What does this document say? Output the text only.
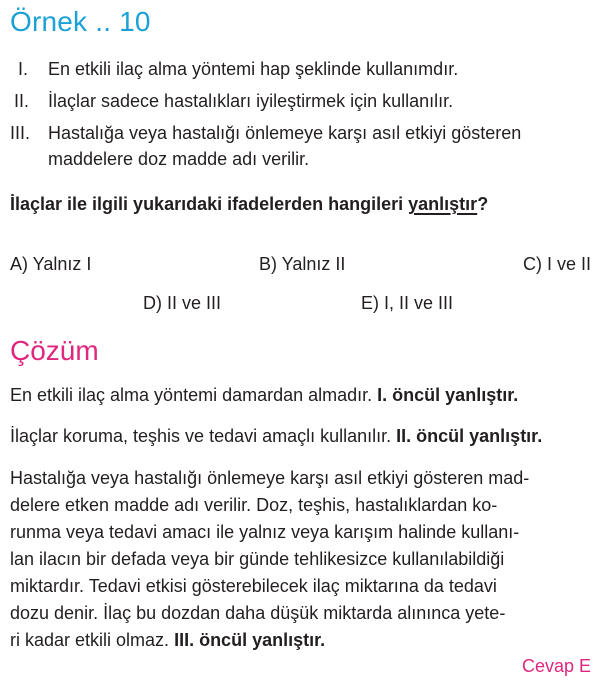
Örnek .. 10
I. En etkili ilaç alma yöntemi hap şeklinde kullanımdır.
II. İlaçlar sadece hastalıkları iyileştirmek için kullanılır.
III. Hastalığa veya hastalığı önlemeye karşı asıl etkiyi gösteren
maddelere doz madde adı verilir.
İlaçlar ile ilgili yukarıdaki ifadelerden hangileri yanlıştır?
A) Yalnız I	B) Yalnız II	C) I ve II
D) II ve III	E) I, II ve III
Çözüm
En etkili ilaç alma yöntemi damardan almadır. I. öncül yanlıştır.
İlaçlar koruma, teşhis ve tedavi amaçlı kullanılır. II. öncül yanlıştır.
Hastalığa veya hastalığı önlemeye karşı asıl etkiyi gösteren mad-
delere etken madde adı verilir. Doz, teşhis, hastalıklardan ko-
runma veya tedavi amacı ile yalnız veya karışım halinde kullanı-
lan ilacın bir defada veya bir günde tehlikesizce kullanılabildiği
miktardır. Tedavi etkisi gösterebilecek ilaç miktarına da tedavi
dozu denir. İlaç bu dozdan daha düşük miktarda alınınca yete-
ri kadar etkili olmaz. III. öncül yanlıştır.
Cevap E
